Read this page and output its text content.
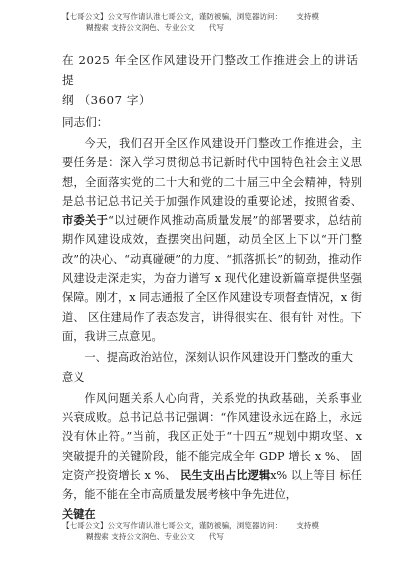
【七哥公文】公文写作请认准七哥公文，谨防被骗，浏览器访问： 支持模
糊搜索 支持公文润色、专业公文 代写
在 2025 年全区作风建设开门整改工作推进会上的讲话提
纲 （3607 字）
同志们：

今天，我们召开全区作风建设开门整改工作推进会，主要任务是：深入学习贯彻总书记新时代中国特色社会主义思想，全面落实党的二十大和党的二十届三中全会精神，特别是总书记总书记关于加强作风建设的重要论述，按照省委、市委关于“以过硬作风推动高质量发展”的部署要求，总结前期作风建设成效，查摆突出问题，动员全区上下以“开门整改”的决心、“动真碰硬”的力度、“抓落抓长”的韧劲，推动作风建设走深走实，为奋力谱写 x 现代化建设新篇章提供坚强保障。刚才，x 同志通报了全区作风建设专项督查情况，x 街道、 区住建局作了表态发言，讲得很实在、很有针 对性。下面，我讲三点意见。

一、提高政治站位，深刻认识作风建设开门整改的重大意义

作风问题关系人心向背，关系党的执政基础，关系事业兴衰成败。总书记总书记强调：“作风建设永远在路上，永远没有休止符。”当前，我区正处于“十四五”规划中期攻坚、x 突破提升的关键阶段，能不能完成全年 GDP 增长 x %、 固定资产投资增长 x %、 民生支出占比逻辑x% 以上等目 标任务，能不能在全市高质量发展考核中争先进位，

关键在
【七哥公文】公文写作请认准七哥公文，谨防被骗，浏览器访问： 支持模
糊搜索 支持公文润色、专业公文 代写
